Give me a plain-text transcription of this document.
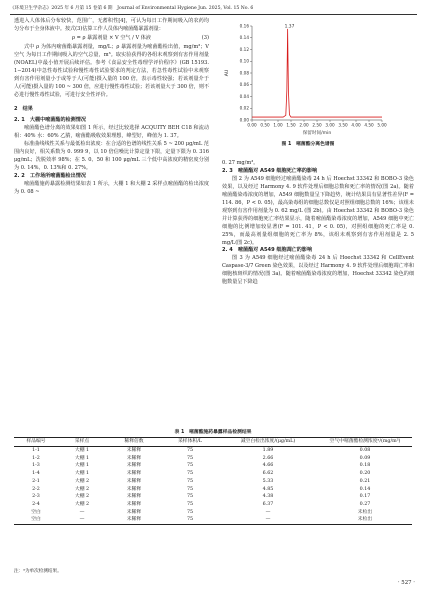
《环境卫生学杂志》2025 年 6 月第 15 卷第 6 期　Journal of Environmental Hygiene Jun. 2025, Vol. 15 No. 6

透进入人体体后分布较快，范围广，无蓄积性[4]，可认为每日工作期间吸入的农药均匀分布于全身体液中。按式(3)估算工作人员体内嘧菌酯暴露剂量：

ρ = ρ 暴露剂量 × V 空气 / V 体液	(3)

式中 ρ 为体内嘧菌酯暴露剂量，mg/L；ρ 暴露剂量为嘧菌酯检出值，mg/m³；V 空气 为每日工作期间吸入的空气总量，m³。取实验获得的各组未观察到有害作用剂量(NOAEL)中最小值开展后续评估。参考《食品安全性毒理学评价程序》(GB 15193. 1−2014)中急性毒性试验和慢性毒性试验要求的判定方法，若急性毒性试验中未观察到有害作用剂量小于或等于人(可能)摄入量的 100 倍，表示毒性较强；若该剂量介于人(可能)摄入量的 100 ~ 300 倍，应进行慢性毒性试验；若该剂量大于 300 倍，则不必进行慢性毒性试验，可进行安全性评价。

2　结果

2. 1　大棚中嘧菌酯的检测情况

嘧菌酯色谱分离的效果如图 1 所示，经过比较选择 ACQUITY BEH C18 和流动相：40% 水：60% 乙腈，嘧菌酯吸收效果理想，峰型好，峰值为 1. 37。

标准曲线线性关系与最低检出浓度：在合适的色谱的线性关系 5 ~ 200 μg/mL 范围内良好，相关系数为 0. 999 9，以 10 倍信噪比计算定量下限，定量下限为 0. 316 μg/mL；洗脱效率 98%；在 5. 0、50 和 100 μg/mL 三个低中高浓度的精密度分别为 0. 14%、0. 13%和 0. 27%。

2. 2　工作场所嘧菌酯检出情况

嘧菌酯施药暴露检测结果如表 1 所示，大棚 1 和大棚 2 采样点嘧菌酯的检出浓度为 0. 08 ~

0.00
0.02
0.04
0.06
0.08
0.10
0.12
0.14
0.16
0.00 0.50 1.00 1.50 2.00 2.50 3.00 3.50 4.00 4.50 5.00
1.37
AU
保留时间/min
图 1　嘧菌酯分离色谱图

0. 27 mg/m³。

2. 3　嘧菌酯对 A549 细胞死亡率的影响

图 2 为 A549 细胞经过嘧菌酯染毒 24 h 后 Hoechst 33342 和 BOBO-3 染色效果，以及经过 Harmony 4. 9 软件处理后细胞总数和死亡率的情况(图 2a)。随着嘧菌酯染毒浓度的增加，A549 细胞数量呈下降趋势，统计结果具有显著性差异(F = 114. 86，P < 0. 05)，最高染毒组的细胞总数仅是对照组细胞总数的 16%；该组未观察到有害作用剂量为 0. 62 mg/L (图 2b)。由 Hoechst 33342 和 BOBO-3 染色并计算获得的细胞死亡率结果显示，随着嘧菌酯染毒浓度的增加，A549 细胞中死亡细胞的比例增加较显著(F = 101. 41，P < 0. 05)，对照组细胞的死亡率是 0. 25%，而最高剂量组细胞的死亡率为 8%，该组未观察到有害作用剂量是 2. 5 mg/L(图 2c)。

2. 4　嘧菌酯对 A549 细胞凋亡的影响

图 3 为 A549 细胞经过嘧菌酯染毒 24 h 后 Hoechst 33342 和 CellEvent Caspase-3/7 Green 染色效果，以及经过 Harmony 4. 9 软件处理后细胞凋亡率和细胞核斑织的情况(图 3a)。随着嘧菌酯染毒浓度的增加，Hoechst 33342 染色的细胞数量呈下降趋

表 1　嘧菌酯施药暴露样品检测结果
样品编号	采样点	稀释倍数	采样体积/L	减空白检出浓度/(μg/mL)	空气中嘧菌酯检测浓度ᵃ/(mg/m³)
1-1	大棚 1	未稀释	75	1.89	0.08
1-2	大棚 1	未稀释	75	2.66	0.09
1-3	大棚 1	未稀释	75	4.66	0.18
1-4	大棚 1	未稀释	75	6.62	0.20
2-1	大棚 2	未稀释	75	5.33	0.21
2-2	大棚 2	未稀释	75	4.85	0.14
2-3	大棚 2	未稀释	75	4.38	0.17
2-4	大棚 2	未稀释	75	6.37	0.27
空白	—	未稀释	75	—	未检出
空白	—	未稀释	75	—	未检出
注：ᵃ为单次检测结果。
· 527 ·
